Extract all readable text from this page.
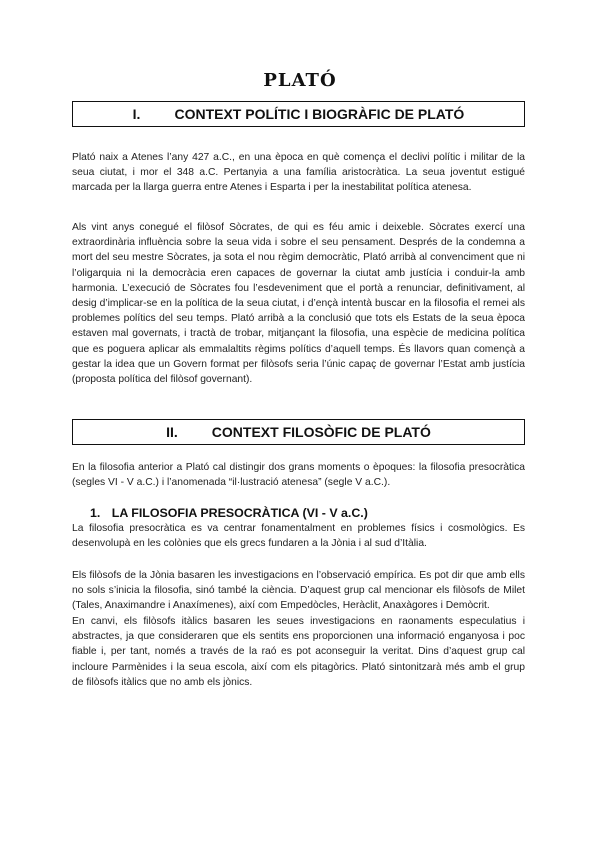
PLATÓ
I. CONTEXT POLÍTIC I BIOGRÀFIC DE PLATÓ

Plató naix a Atenes l’any 427 a.C., en una època en què comença el declivi polític i militar de la seua ciutat, i mor el 348 a.C. Pertanyia a una família aristocràtica. La seua joventut estigué marcada per la llarga guerra entre Atenes i Esparta i per la inestabilitat política atenesa.

Als vint anys conegué el filòsof Sòcrates, de qui es féu amic i deixeble. Sòcrates exercí una extraordinària influència sobre la seua vida i sobre el seu pensament. Després de la condemna a mort del seu mestre Sòcrates, ja sota el nou règim democràtic, Plató arribà al convenciment que ni l’oligarquia ni la democràcia eren capaces de governar la ciutat amb justícia i conduir-la amb harmonia. L’execució de Sòcrates fou l’esdeveniment que el portà a renunciar, definitivament, al desig d’implicar-se en la política de la seua ciutat, i d’ençà intentà buscar en la filosofia el remei als problemes polítics del seu temps. Plató arribà a la conclusió que tots els Estats de la seua època estaven mal governats, i tractà de trobar, mitjançant la filosofia, una espècie de medicina política que es poguera aplicar als emmalaltits règims polítics d’aquell temps. És llavors quan començà a gestar la idea que un Govern format per filòsofs seria l’únic capaç de governar l’Estat amb justícia (proposta política del filòsof governant).

II. CONTEXT FILOSÒFIC DE PLATÓ

En la filosofia anterior a Plató cal distingir dos grans moments o èpoques: la filosofia presocràtica (segles VI - V a.C.) i l’anomenada “il·lustració atenesa” (segle V a.C.).

1. LA FILOSOFIA PRESOCRÀTICA (VI - V a.C.)

La filosofia presocràtica es va centrar fonamentalment en problemes físics i cosmològics. Es desenvolupà en les colònies que els grecs fundaren a la Jònia i al sud d’Itàlia.

Els filòsofs de la Jònia basaren les investigacions en l’observació empírica. Es pot dir que amb ells no sols s’inicia la filosofia, sinó també la ciència. D’aquest grup cal mencionar els filòsofs de Milet (Tales, Anaximandre i Anaxímenes), així com Empedòcles, Heràclit, Anaxàgores i Demòcrit.

En canvi, els filòsofs itàlics basaren les seues investigacions en raonaments especulatius i abstractes, ja que consideraren que els sentits ens proporcionen una informació enganyosa i poc fiable i, per tant, només a través de la raó es pot aconseguir la veritat. Dins d’aquest grup cal incloure Parmènides i la seua escola, així com els pitagòrics. Plató sintonitzarà més amb el grup de filòsofs itàlics que no amb els jònics.
